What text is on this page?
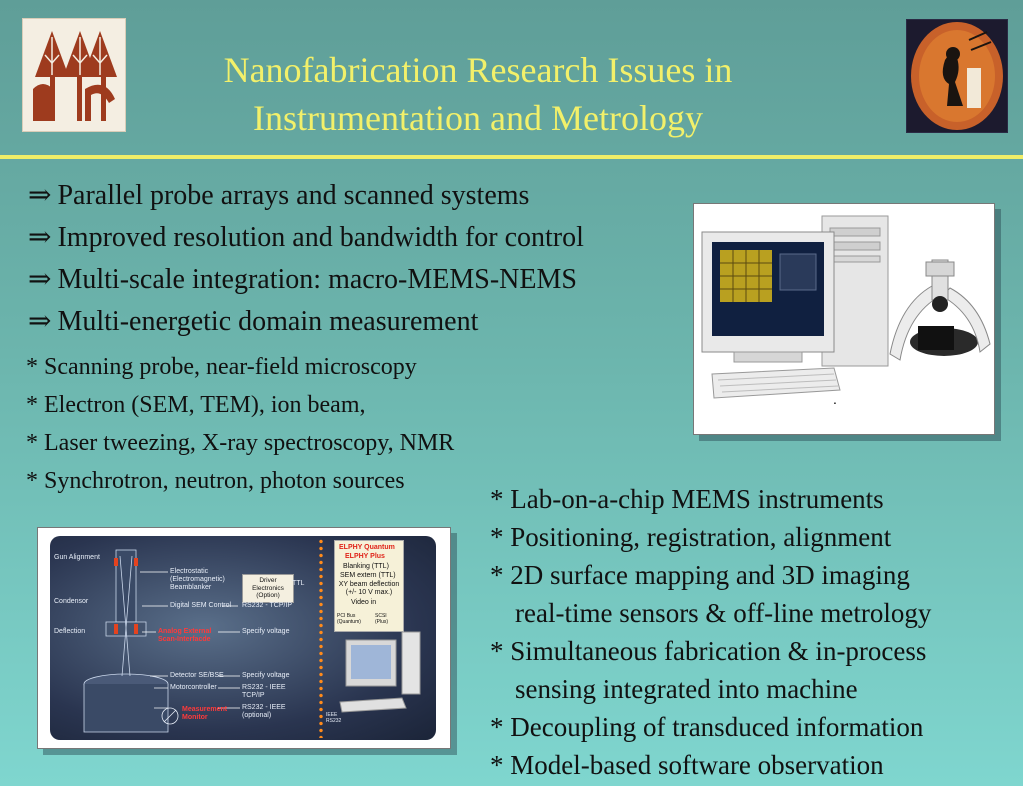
Nanofabrication Research Issues in
Instrumentation and Metrology
⇒ Parallel probe arrays and scanned systems
⇒ Improved resolution and bandwidth for control
⇒ Multi-scale integration: macro-MEMS-NEMS
⇒ Multi-energetic domain measurement
* Scanning probe, near-field microscopy
* Electron (SEM, TEM), ion beam,
* Laser tweezing, X-ray spectroscopy, NMR
* Synchrotron, neutron, photon sources
* Lab-on-a-chip MEMS instruments
* Positioning, registration, alignment
* 2D surface mapping and 3D imaging
real-time sensors & off-line metrology
* Simultaneous fabrication & in-process
sensing integrated into machine
* Decoupling of transduced information
* Model-based software observation
.
Gun Alignment
Condensor
Deflection
Electrostatic (Electromagnetic) Beamblanker
Digital SEM Control
Analog External Scan-Interfacde
Detector SE/BSE
Motorcontroller
Measurement Monitor
Driver Electronics (Option)
TTL
RS232 - TCP/IP
Specify voltage
Specify voltage
RS232 - IEEE TCP/IP
RS232 - IEEE (optional)
ELPHY Quantum
ELPHY Plus
Blanking (TTL)
SEM extern (TTL)
XY beam deflection (+/- 10 V max.)
Video in
PCI Bus (Quantum)
SCSI (Plus)
IEEE RS232
